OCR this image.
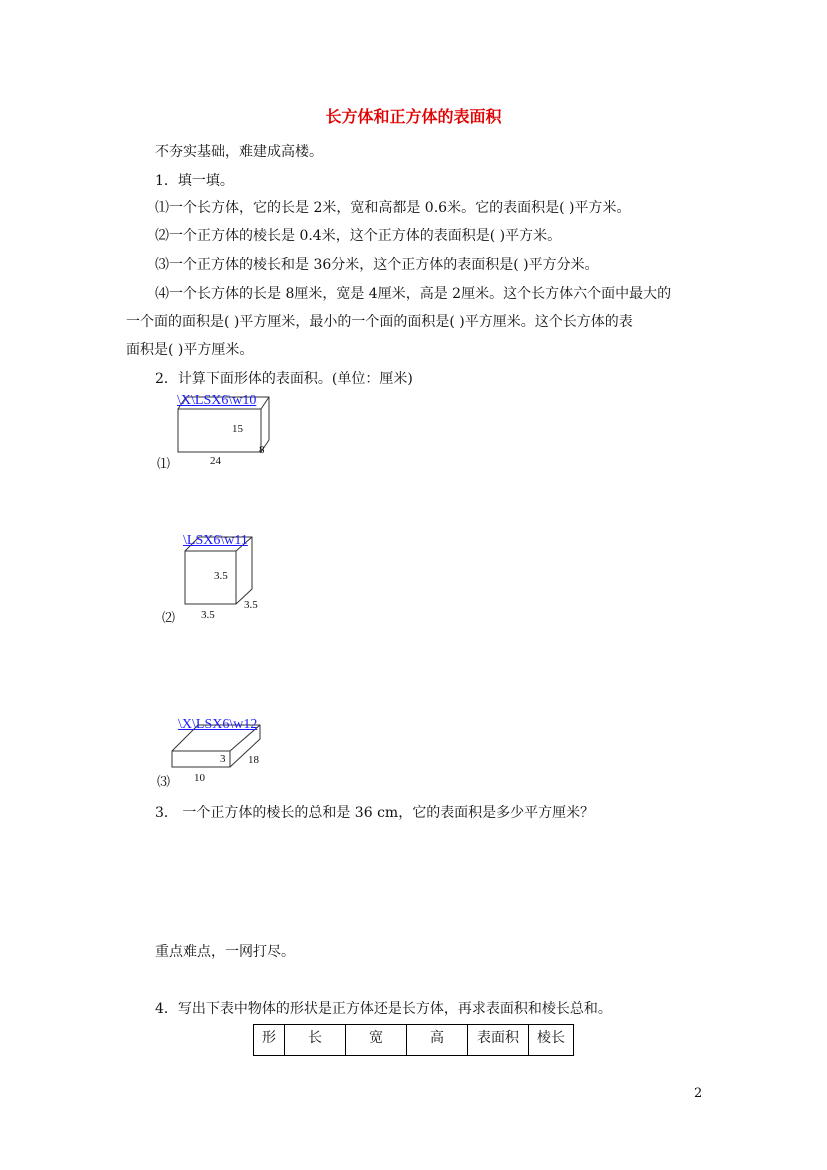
长方体和正方体的表面积
不夯实基础，难建成高楼。
1．填一填。
⑴一个长方体，它的长是 2米，宽和高都是 0.6米。它的表面积是( )平方米。
⑵一个正方体的棱长是 0.4米，这个正方体的表面积是( )平方米。
⑶一个正方体的棱长和是 36分米，这个正方体的表面积是( )平方分米。
⑷一个长方体的长是 8厘米，宽是 4厘米，高是 2厘米。这个长方体六个面中最大的
一个面的面积是( )平方厘米，最小的一个面的面积是( )平方厘米。这个长方体的表
面积是( )平方厘米。
2．计算下面形体的表面积。(单位：厘米)
\X\LSX6\w10
15
8
24
⑴
\LSX6\w11
3.5
3.5
3.5
⑵
\X\LSX6\w12
3 18
10
⑶
3． 一个正方体的棱长的总和是 36 cm，它的表面积是多少平方厘米？
重点难点，一网打尽。
4．写出下表中物体的形状是正方体还是长方体，再求表面积和棱长总和。
形	长	宽	高	表面积	棱长
2
